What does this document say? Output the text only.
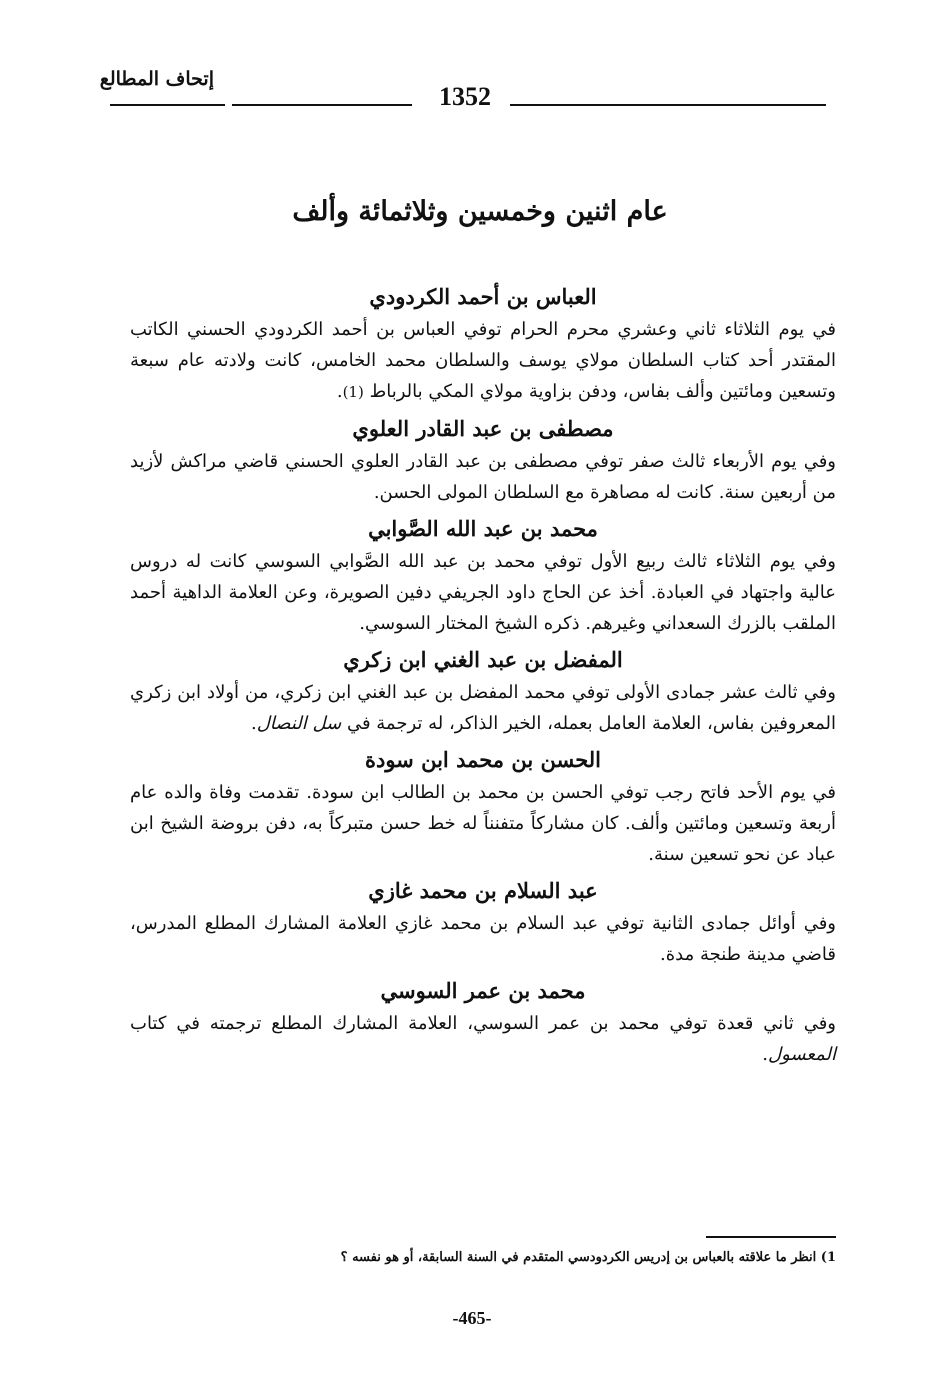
إتحاف المطالع
1352
عام اثنين وخمسين وثلاثمائة وألف

العباس بن أحمد الكردودي

في يوم الثلاثاء ثاني وعشري محرم الحرام توفي العباس بن أحمد الكردودي الحسني الكاتب المقتدر أحد كتاب السلطان مولاي يوسف والسلطان محمد الخامس، كانت ولادته عام سبعة وتسعين ومائتين وألف بفاس، ودفن بزاوية مولاي المكي بالرباط (1).

مصطفى بن عبد القادر العلوي

وفي يوم الأربعاء ثالث صفر توفي مصطفى بن عبد القادر العلوي الحسني قاضي مراكش لأزيد من أربعين سنة. كانت له مصاهرة مع السلطان المولى الحسن.

محمد بن عبد الله الصَّوابي

وفي يوم الثلاثاء ثالث ربيع الأول توفي محمد بن عبد الله الصَّوابي السوسي كانت له دروس عالية واجتهاد في العبادة. أخذ عن الحاج داود الجريفي دفين الصويرة، وعن العلامة الداهية أحمد الملقب بالزرك السعداني وغيرهم. ذكره الشيخ المختار السوسي.

المفضل بن عبد الغني ابن زكري

وفي ثالث عشر جمادى الأولى توفي محمد المفضل بن عبد الغني ابن زكري، من أولاد ابن زكري المعروفين بفاس، العلامة العامل بعمله، الخير الذاكر، له ترجمة في سل النصال.

الحسن بن محمد ابن سودة

في يوم الأحد فاتح رجب توفي الحسن بن محمد بن الطالب ابن سودة. تقدمت وفاة والده عام أربعة وتسعين ومائتين وألف. كان مشاركاً متفنناً له خط حسن متبركاً به، دفن بروضة الشيخ ابن عباد عن نحو تسعين سنة.

عبد السلام بن محمد غازي

وفي أوائل جمادى الثانية توفي عبد السلام بن محمد غازي العلامة المشارك المطلع المدرس، قاضي مدينة طنجة مدة.

محمد بن عمر السوسي

وفي ثاني قعدة توفي محمد بن عمر السوسي، العلامة المشارك المطلع ترجمته في كتاب المعسول.

1) انظر ما علاقته بالعباس بن إدريس الكردودسي المتقدم في السنة السابقة، أو هو نفسه ؟
-465-
